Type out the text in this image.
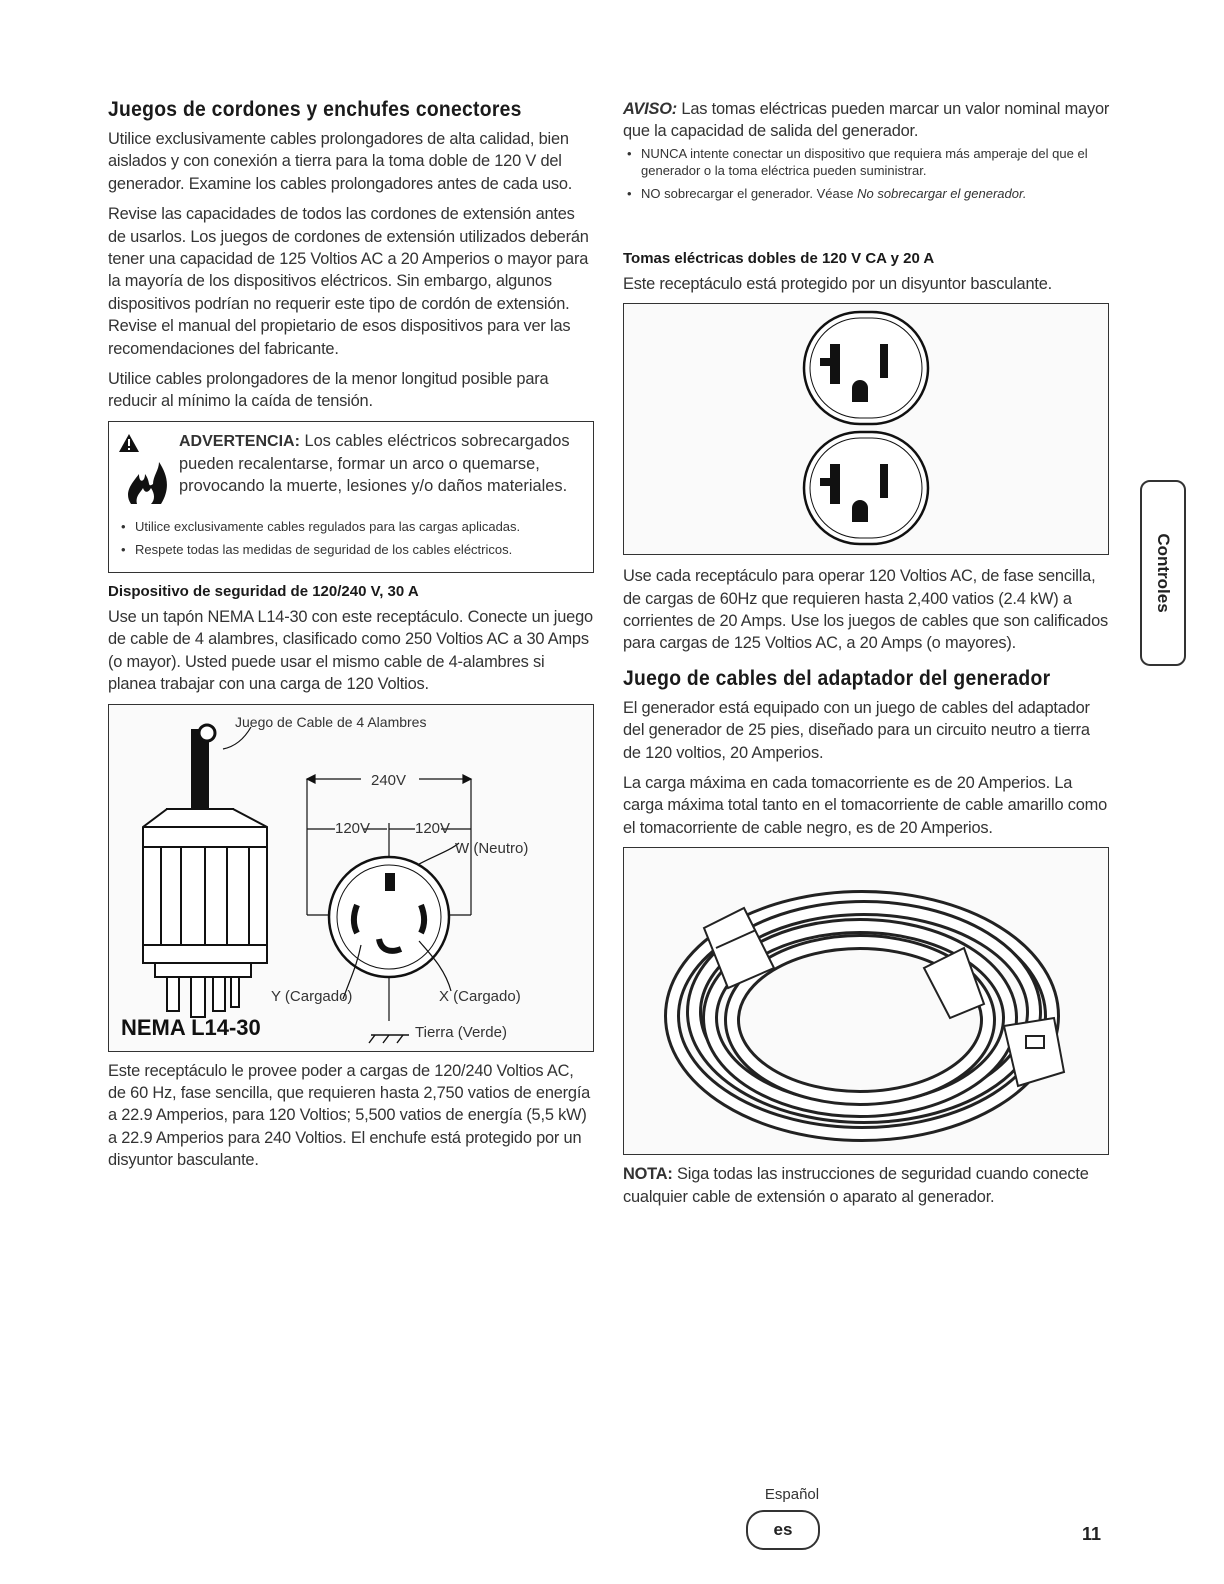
Juegos de cordones y enchufes conectores

Utilice exclusivamente cables prolongadores de alta calidad, bien aislados y con conexión a tierra para la toma doble de 120 V del generador. Examine los cables prolongadores antes de cada uso.

Revise las capacidades de todos las cordones de extensión antes de usarlos. Los juegos de cordones de extensión utilizados deberán tener una capacidad de 125 Voltios AC a 20 Amperios o mayor para la mayoría de los dispositivos eléctricos. Sin embargo, algunos dispositivos podrían no requerir este tipo de cordón de extensión. Revise el manual del propietario de esos dispositivos para ver las recomendaciones del fabricante.

Utilice cables prolongadores de la menor longitud posible para reducir al mínimo la caída de tensión.

ADVERTENCIA: Los cables eléctricos sobrecargados pueden recalentarse, formar un arco o quemarse, provocando la muerte, lesiones y/o daños materiales.
• Utilice exclusivamente cables regulados para las cargas aplicadas.
• Respete todas las medidas de seguridad de los cables eléctricos.
Dispositivo de seguridad de 120/240 V, 30 A

Use un tapón NEMA L14-30 con este receptáculo. Conecte un juego de cable de 4 alambres, clasificado como 250 Voltios AC a 30 Amps (o mayor). Usted puede usar el mismo cable de 4-alambres si planea trabajar con una carga de 120 Voltios.

Juego de Cable de 4 Alambres
NEMA L14-30
240V
120V	120V
W (Neutro)
Y (Cargado)	X (Cargado)
Tierra (Verde)

Este receptáculo le provee poder a cargas de 120/240 Voltios AC, de 60 Hz, fase sencilla, que requieren hasta 2,750 vatios de energía a 22.9 Amperios, para 120 Voltios; 5,500 vatios de energía (5,5 kW) a 22.9 Amperios para 240 Voltios. El enchufe está protegido por un disyuntor basculante.

AVISO: Las tomas eléctricas pueden marcar un valor nominal mayor que la capacidad de salida del generador.

• NUNCA intente conectar un dispositivo que requiera más amperaje del que el generador o la toma eléctrica pueden suministrar.
• NO sobrecargar el generador. Véase No sobrecargar el generador.
Tomas eléctricas dobles de 120 V CA y 20 A

Este receptáculo está protegido por un disyuntor basculante.

Use cada receptáculo para operar 120 Voltios AC, de fase sencilla, de cargas de 60Hz que requieren hasta 2,400 vatios (2.4 kW) a corrientes de 20 Amps. Use los juegos de cables que son calificados para cargas de 125 Voltios AC, a 20 Amps (o mayores).

Juego de cables del adaptador del generador

El generador está equipado con un juego de cables del adaptador del generador de 25 pies, diseñado para un circuito neutro a tierra de 120 voltios, 20 Amperios.

La carga máxima en cada tomacorriente es de 20 Amperios. La carga máxima total tanto en el tomacorriente de cable amarillo como el tomacorriente de cable negro, es de 20 Amperios.

NOTA: Siga todas las instrucciones de seguridad cuando conecte cualquier cable de extensión o aparato al generador.

Controles
Español
es	11
